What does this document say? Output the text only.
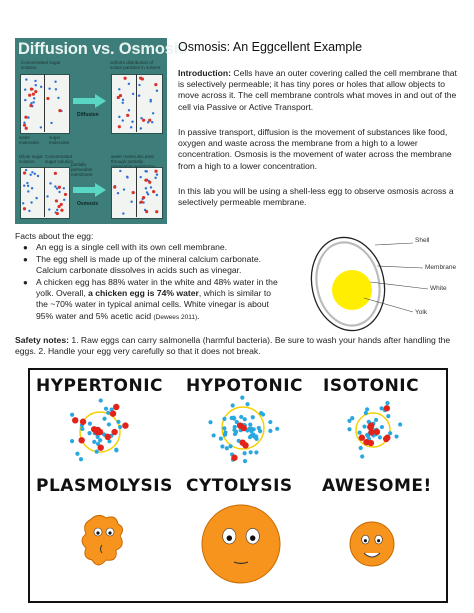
Diffusion vs. Osmosis
Concentrated sugar solution
uniform distribution of solute particles in solvent
Diffusion
water molecules
sugar molecules
Dilute sugar solution
Concentrated sugar solution
water molecules pass through partially
partially permeable membrane
Osmosis
Osmosis: An Eggcellent Example
Introduction: Cells have an outer covering called the cell membrane that is selectively permeable; it has tiny pores or holes that allow objects to move across it. The cell membrane controls what moves in and out of the cell via Passive or Active Transport.
In passive transport, diffusion is the movement of substances like food, oxygen and waste across the membrane from a high to a lower concentration. Osmosis is the movement of water across the membrane from a high to a lower concentration.
In this lab you will be using a shell-less egg to observe osmosis across a selectively permeable membrane.
Facts about the egg:
● An egg is a single cell with its own cell membrane.
● The egg shell is made up of the mineral calcium carbonate. Calcium carbonate dissolves in acids such as vinegar.
● A chicken egg has 88% water in the white and 48% water in the yolk. Overall, a chicken egg is 74% water, which is similar to the ~70% water in typical animal cells. White vinegar is about 95% water and 5% acetic acid (Dewees 2011).
Shell
Membrane
White
Yolk
Safety notes: 1. Raw eggs can carry salmonella (harmful bacteria). Be sure to wash your hands after handling the eggs. 2. Handle your egg very carefully so that it does not break.
HYPERTONIC HYPOTONIC ISOTONIC
PLASMOLYSIS CYTOLYSIS AWESOME!
